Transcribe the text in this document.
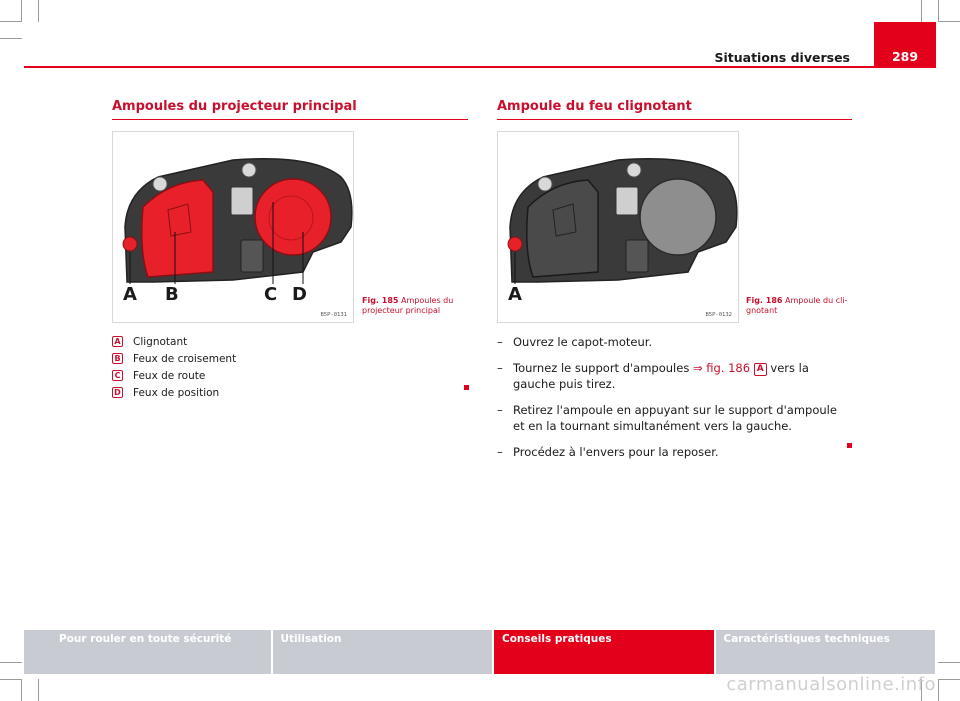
Situations diverses	289
Ampoules du projecteur principal
A B	C D
B5P-0131
Fig. 185 Ampoules du projecteur principal
A Clignotant
B Feux de croisement
C Feux de route
D Feux de position
Ampoule du feu clignotant
A
B5P-0132
Fig. 186 Ampoule du cli-
gnotant
– Ouvrez le capot-moteur.
– Tournez le support d'ampoules ⇒ fig. 186 A vers la gauche puis tirez.
– Retirez l'ampoule en appuyant sur le support d'ampoule et en la tournant simultanément vers la gauche.
– Procédez à l'envers pour la reposer.
Pour rouler en toute sécurité	Utilisation	Conseils pratiques	Caractéristiques techniques
carmanualsonline.info
